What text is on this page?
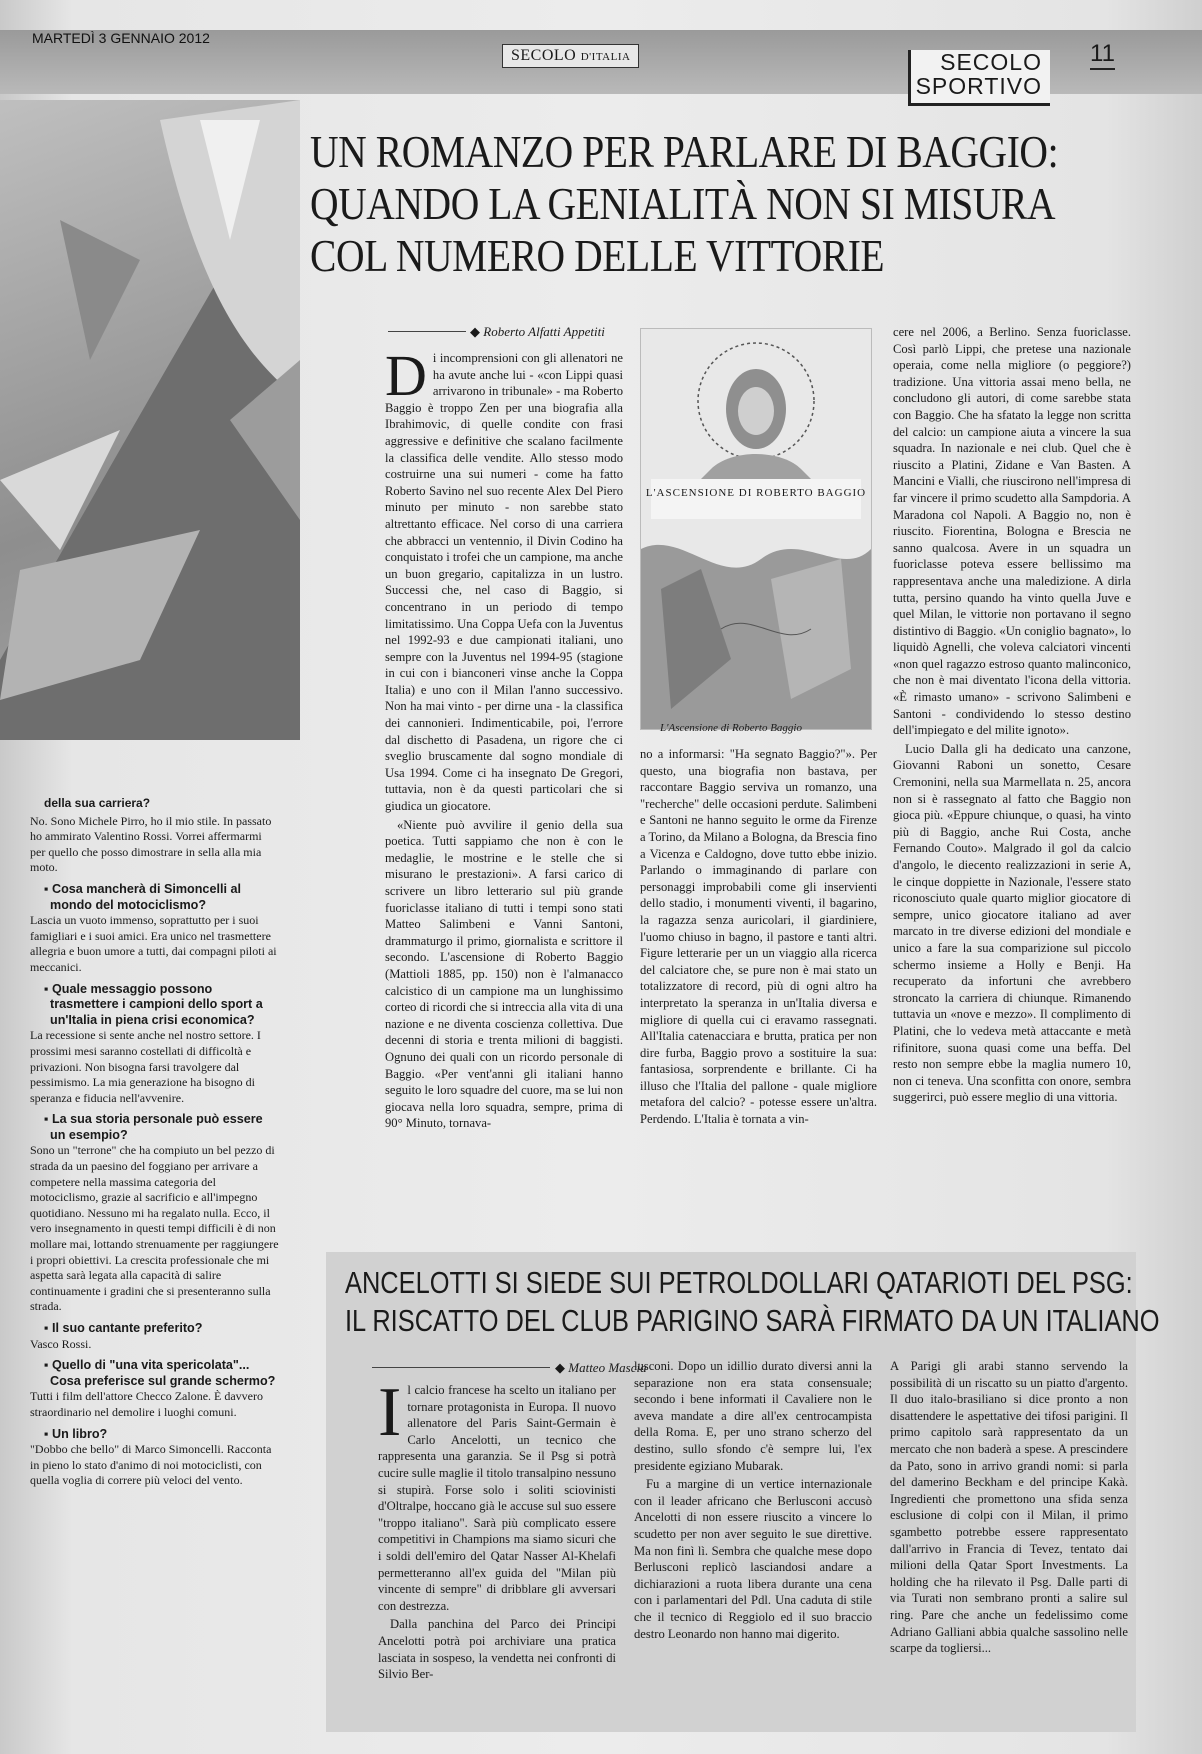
MARTEDÌ 3 GENNAIO 2012
SECOLO D'ITALIA	SECOLO
SPORTIVO
11
UN ROMANZO PER PARLARE DI BAGGIO:
QUANDO LA GENIALITÀ NON SI MISURA
COL NUMERO DELLE VITTORIE
◆ Roberto Alfatti Appetiti

Di incomprensioni con gli allenatori ne ha avute anche lui - «con Lippi quasi arrivarono in tribunale» - ma Roberto Baggio è troppo Zen per una biografia alla Ibrahimovic, di quelle condite con frasi aggressive e definitive che scalano facilmente la classifica delle vendite. Allo stesso modo costruirne una sui numeri - come ha fatto Roberto Savino nel suo recente Alex Del Piero minuto per minuto - non sarebbe stato altrettanto efficace. Nel corso di una carriera che abbracci un ventennio, il Divin Codino ha conquistato i trofei che un campione, ma anche un buon gregario, capitalizza in un lustro. Successi che, nel caso di Baggio, si concentrano in un periodo di tempo limitatissimo. Una Coppa Uefa con la Juventus nel 1992-93 e due campionati italiani, uno sempre con la Juventus nel 1994-95 (stagione in cui con i bianconeri vinse anche la Coppa Italia) e uno con il Milan l'anno successivo. Non ha mai vinto - per dirne una - la classifica dei cannonieri. Indimenticabile, poi, l'errore dal dischetto di Pasadena, un rigore che ci sveglio bruscamente dal sogno mondiale di Usa 1994. Come ci ha insegnato De Gregori, tuttavia, non è da questi particolari che si giudica un giocatore.

«Niente può avvilire il genio della sua poetica. Tutti sappiamo che non è con le medaglie, le mostrine e le stelle che si misurano le prestazioni». A farsi carico di scrivere un libro letterario sul più grande fuoriclasse italiano di tutti i tempi sono stati Matteo Salimbeni e Vanni Santoni, drammaturgo il primo, giornalista e scrittore il secondo. L'ascensione di Roberto Baggio (Mattioli 1885, pp. 150) non è l'almanacco calcistico di un campione ma un lunghissimo corteo di ricordi che si intreccia alla vita di una nazione e ne diventa coscienza collettiva. Due decenni di storia e trenta milioni di baggisti. Ognuno dei quali con un ricordo personale di Baggio. «Per vent'anni gli italiani hanno seguito le loro squadre del cuore, ma se lui non giocava nella loro squadra, sempre, prima di 90° Minuto, tornava-

L'ASCENSIONE DI ROBERTO BAGGIO
L'Ascensione di Roberto Baggio

no a informarsi: "Ha segnato Baggio?"». Per questo, una biografia non bastava, per raccontare Baggio serviva un romanzo, una "recherche" delle occasioni perdute. Salimbeni e Santoni ne hanno seguito le orme da Firenze a Torino, da Milano a Bologna, da Brescia fino a Vicenza e Caldogno, dove tutto ebbe inizio. Parlando o immaginando di parlare con personaggi improbabili come gli inservienti dello stadio, i monumenti viventi, il bagarino, la ragazza senza auricolari, il giardiniere, l'uomo chiuso in bagno, il pastore e tanti altri. Figure letterarie per un un viaggio alla ricerca del calciatore che, se pure non è mai stato un totalizzatore di record, più di ogni altro ha interpretato la speranza in un'Italia diversa e migliore di quella cui ci eravamo rassegnati. All'Italia catenacciara e brutta, pratica per non dire furba, Baggio provo a sostituire la sua: fantasiosa, sorprendente e brillante. Ci ha illuso che l'Italia del pallone - quale migliore metafora del calcio? - potesse essere un'altra. Perdendo. L'Italia è tornata a vin-

cere nel 2006, a Berlino. Senza fuoriclasse. Così parlò Lippi, che pretese una nazionale operaia, come nella migliore (o peggiore?) tradizione. Una vittoria assai meno bella, ne concludono gli autori, di come sarebbe stata con Baggio. Che ha sfatato la legge non scritta del calcio: un campione aiuta a vincere la sua squadra. In nazionale e nei club. Quel che è riuscito a Platini, Zidane e Van Basten. A Mancini e Vialli, che riuscirono nell'impresa di far vincere il primo scudetto alla Sampdoria. A Maradona col Napoli. A Baggio no, non è riuscito. Fiorentina, Bologna e Brescia ne sanno qualcosa. Avere in un squadra un fuoriclasse poteva essere bellissimo ma rappresentava anche una maledizione. A dirla tutta, persino quando ha vinto quella Juve e quel Milan, le vittorie non portavano il segno distintivo di Baggio. «Un coniglio bagnato», lo liquidò Agnelli, che voleva calciatori vincenti «non quel ragazzo estroso quanto malinconico, che non è mai diventato l'icona della vittoria. «È rimasto umano» - scrivono Salimbeni e Santoni - condividendo lo stesso destino dell'impiegato e del milite ignoto».

Lucio Dalla gli ha dedicato una canzone, Giovanni Raboni un sonetto, Cesare Cremonini, nella sua Marmellata n. 25, ancora non si è rassegnato al fatto che Baggio non gioca più. «Eppure chiunque, o quasi, ha vinto più di Baggio, anche Rui Costa, anche Fernando Couto». Malgrado il gol da calcio d'angolo, le diecento realizzazioni in serie A, le cinque doppiette in Nazionale, l'essere stato riconosciuto quale quarto miglior giocatore di sempre, unico giocatore italiano ad aver marcato in tre diverse edizioni del mondiale e unico a fare la sua comparizione sul piccolo schermo insieme a Holly e Benji. Ha recuperato da infortuni che avrebbero stroncato la carriera di chiunque. Rimanendo tuttavia un «nove e mezzo». Il complimento di Platini, che lo vedeva metà attaccante e metà rifinitore, suona quasi come una beffa. Del resto non sempre ebbe la maglia numero 10, non ci teneva. Una sconfitta con onore, sembra suggerirci, può essere meglio di una vittoria.

della sua carriera?
No. Sono Michele Pirro, ho il mio stile. In passato ho ammirato Valentino Rossi. Vorrei affermarmi per quello che posso dimostrare in sella alla mia moto.
▪ Cosa mancherà di Simoncelli al mondo del motociclismo?
Lascia un vuoto immenso, soprattutto per i suoi famigliari e i suoi amici. Era unico nel trasmettere allegria e buon umore a tutti, dai compagni piloti ai meccanici.
▪ Quale messaggio possono trasmettere i campioni dello sport a un'Italia in piena crisi economica?
La recessione si sente anche nel nostro settore. I prossimi mesi saranno costellati di difficoltà e privazioni. Non bisogna farsi travolgere dal pessimismo. La mia generazione ha bisogno di speranza e fiducia nell'avvenire.
▪ La sua storia personale può essere un esempio?
Sono un "terrone" che ha compiuto un bel pezzo di strada da un paesino del foggiano per arrivare a competere nella massima categoria del motociclismo, grazie al sacrificio e all'impegno quotidiano. Nessuno mi ha regalato nulla. Ecco, il vero insegnamento in questi tempi difficili è di non mollare mai, lottando strenuamente per raggiungere i propri obiettivi. La crescita professionale che mi aspetta sarà legata alla capacità di salire continuamente i gradini che si presenteranno sulla strada.
▪ Il suo cantante preferito?
Vasco Rossi.
▪ Quello di "una vita spericolata"... Cosa preferisce sul grande schermo?
Tutti i film dell'attore Checco Zalone. È davvero straordinario nel demolire i luoghi comuni.
▪ Un libro?
"Dobbo che bello" di Marco Simoncelli. Racconta in pieno lo stato d'animo di noi motociclisti, con quella voglia di correre più veloci del vento.
ANCELOTTI SI SIEDE SUI PETROLDOLLARI QATARIOTI DEL PSG:
IL RISCATTO DEL CLUB PARIGINO SARÀ FIRMATO DA UN ITALIANO
◆ Matteo Mascia

Il calcio francese ha scelto un italiano per tornare protagonista in Europa. Il nuovo allenatore del Paris Saint-Germain è Carlo Ancelotti, un tecnico che rappresenta una garanzia. Se il Psg si potrà cucire sulle maglie il titolo transalpino nessuno si stupirà. Forse solo i soliti sciovinisti d'Oltralpe, hoccano già le accuse sul suo essere "troppo italiano". Sarà più complicato essere competitivi in Champions ma siamo sicuri che i soldi dell'emiro del Qatar Nasser Al-Khelafi permetteranno all'ex guida del "Milan più vincente di sempre" di dribblare gli avversari con destrezza.

Dalla panchina del Parco dei Principi Ancelotti potrà poi archiviare una pratica lasciata in sospeso, la vendetta nei confronti di Silvio Ber-

lusconi. Dopo un idillio durato diversi anni la separazione non era stata consensuale; secondo i bene informati il Cavaliere non le aveva mandate a dire all'ex centrocampista della Roma. E, per uno strano scherzo del destino, sullo sfondo c'è sempre lui, l'ex presidente egiziano Mubarak.

Fu a margine di un vertice internazionale con il leader africano che Berlusconi accusò Ancelotti di non essere riuscito a vincere lo scudetto per non aver seguito le sue direttive. Ma non finì lì. Sembra che qualche mese dopo Berlusconi replicò lasciandosi andare a dichiarazioni a ruota libera durante una cena con i parlamentari del Pdl. Una caduta di stile che il tecnico di Reggiolo ed il suo braccio destro Leonardo non hanno mai digerito.

A Parigi gli arabi stanno servendo la possibilità di un riscatto su un piatto d'argento. Il duo italo-brasiliano si dice pronto a non disattendere le aspettative dei tifosi parigini. Il primo capitolo sarà rappresentato da un mercato che non baderà a spese. A prescindere da Pato, sono in arrivo grandi nomi: si parla del damerino Beckham e del principe Kakà. Ingredienti che promettono una sfida senza esclusione di colpi con il Milan, il primo sgambetto potrebbe essere rappresentato dall'arrivo in Francia di Tevez, tentato dai milioni della Qatar Sport Investments. La holding che ha rilevato il Psg. Dalle parti di via Turati non sembrano pronti a salire sul ring. Pare che anche un fedelissimo come Adriano Galliani abbia qualche sassolino nelle scarpe da togliersi...
